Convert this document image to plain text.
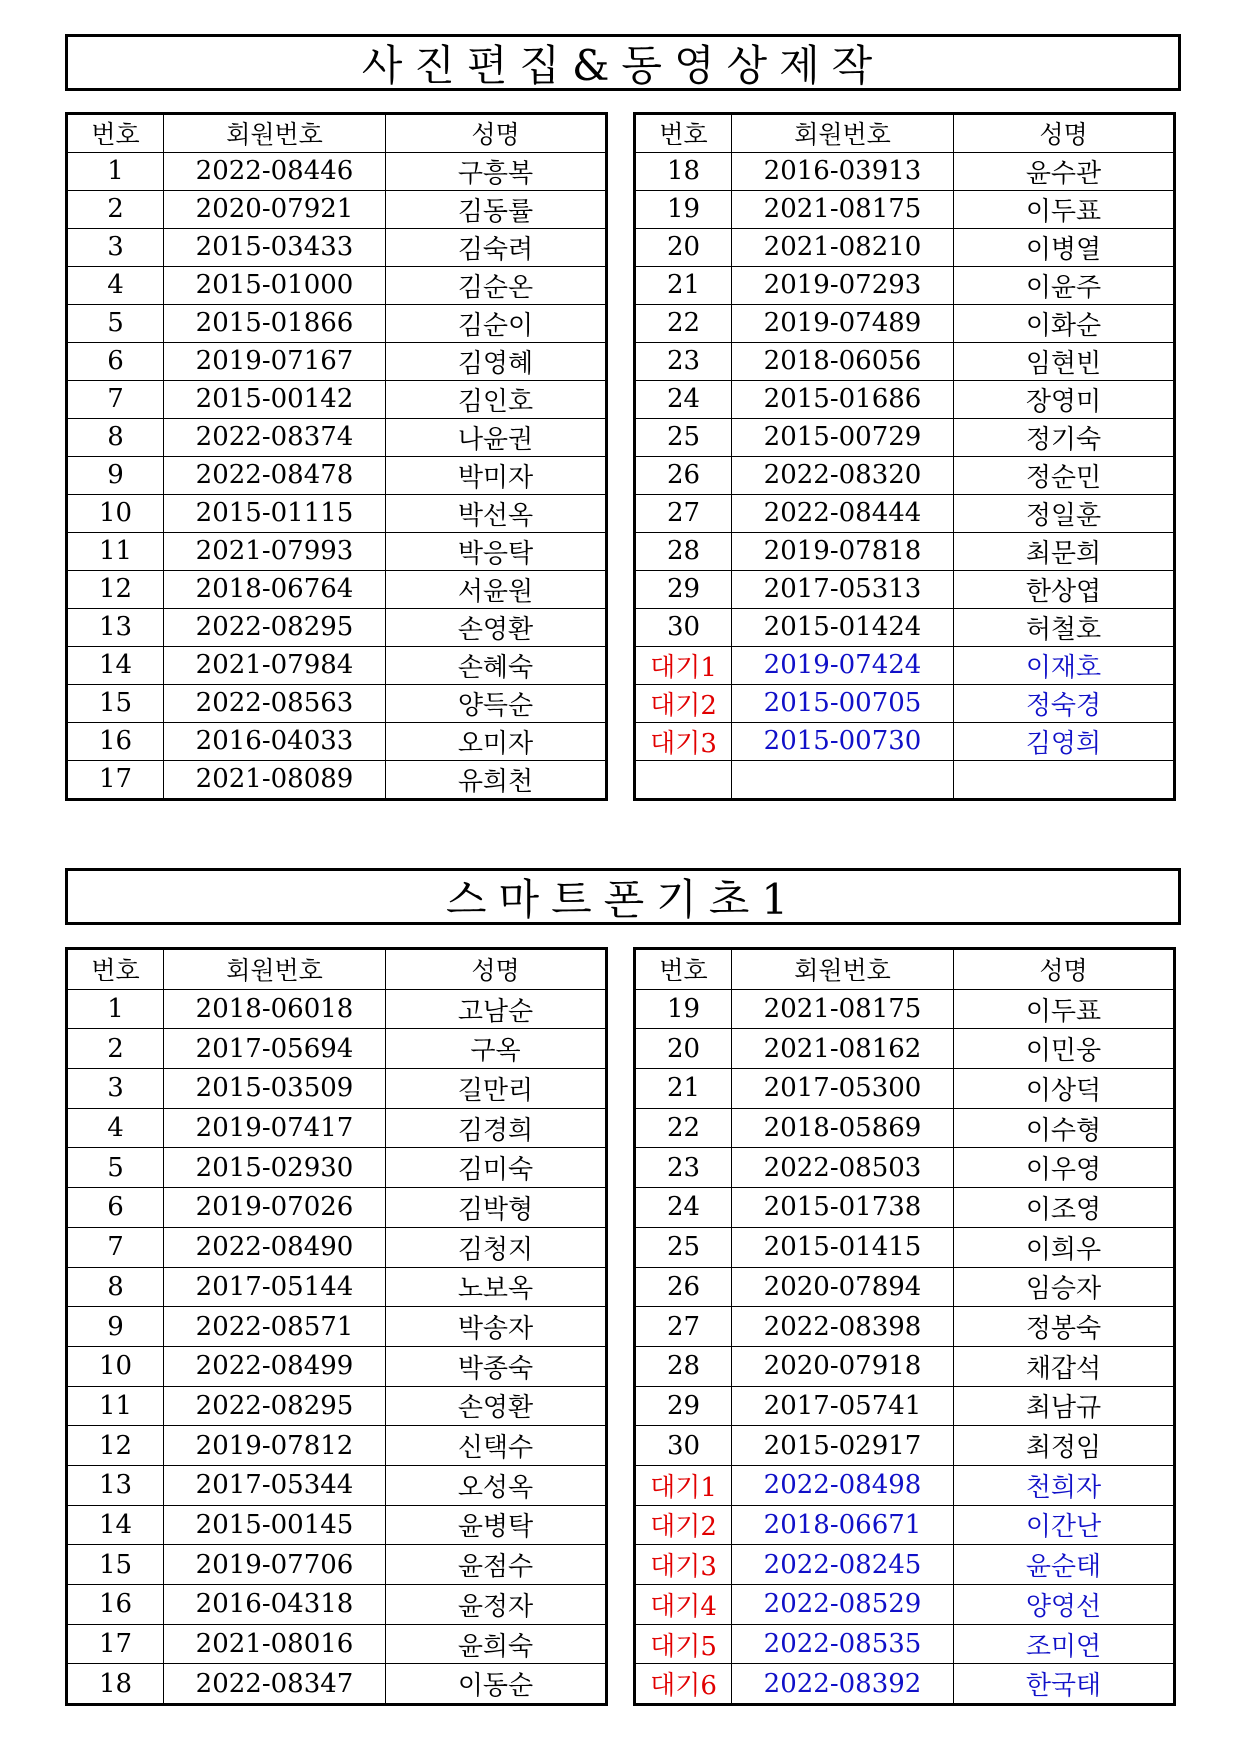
사진편집&동영상제작
번호	회원번호	성명
1	2022-08446	구흥복
2	2020-07921	김동률
3	2015-03433	김숙려
4	2015-01000	김순온
5	2015-01866	김순이
6	2019-07167	김영혜
7	2015-00142	김인호
8	2022-08374	나윤권
9	2022-08478	박미자
10	2015-01115	박선옥
11	2021-07993	박응탁
12	2018-06764	서윤원
13	2022-08295	손영환
14	2021-07984	손혜숙
15	2022-08563	양득순
16	2016-04033	오미자
17	2021-08089	유희천
번호	회원번호	성명
18	2016-03913	윤수관
19	2021-08175	이두표
20	2021-08210	이병열
21	2019-07293	이윤주
22	2019-07489	이화순
23	2018-06056	임현빈
24	2015-01686	장영미
25	2015-00729	정기숙
26	2022-08320	정순민
27	2022-08444	정일훈
28	2019-07818	최문희
29	2017-05313	한상엽
30	2015-01424	허철호
대기1	2019-07424	이재호
대기2	2015-00705	정숙경
대기3	2015-00730	김영희

스마트폰기초1
번호	회원번호	성명
1	2018-06018	고남순
2	2017-05694	구옥
3	2015-03509	길만리
4	2019-07417	김경희
5	2015-02930	김미숙
6	2019-07026	김박형
7	2022-08490	김청지
8	2017-05144	노보옥
9	2022-08571	박송자
10	2022-08499	박종숙
11	2022-08295	손영환
12	2019-07812	신택수
13	2017-05344	오성옥
14	2015-00145	윤병탁
15	2019-07706	윤점수
16	2016-04318	윤정자
17	2021-08016	윤희숙
18	2022-08347	이동순
번호	회원번호	성명
19	2021-08175	이두표
20	2021-08162	이민웅
21	2017-05300	이상덕
22	2018-05869	이수형
23	2022-08503	이우영
24	2015-01738	이조영
25	2015-01415	이희우
26	2020-07894	임승자
27	2022-08398	정봉숙
28	2020-07918	채갑석
29	2017-05741	최남규
30	2015-02917	최정임
대기1	2022-08498	천희자
대기2	2018-06671	이간난
대기3	2022-08245	윤순태
대기4	2022-08529	양영선
대기5	2022-08535	조미연
대기6	2022-08392	한국태
